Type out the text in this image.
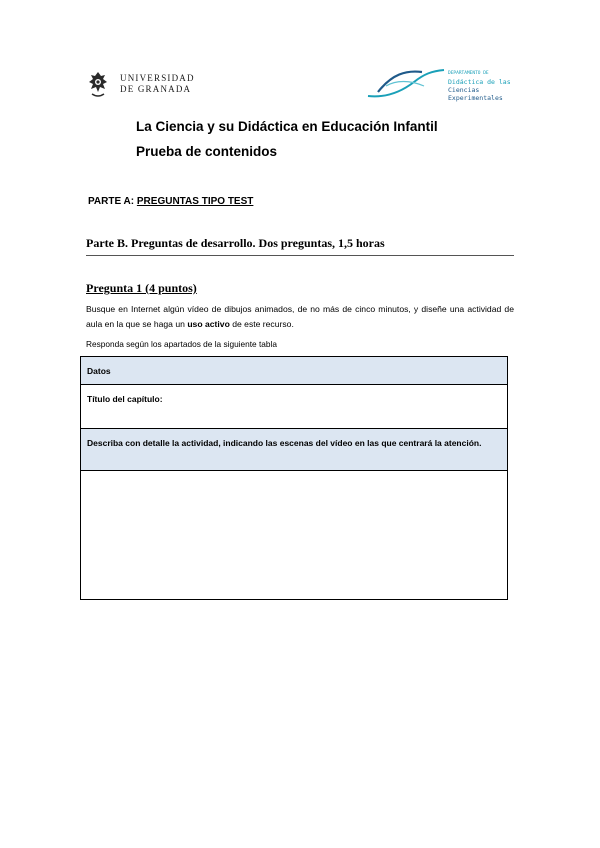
UNIVERSIDAD
DE GRANADA
DEPARTAMENTO DE
Didáctica de las
Ciencias
Experimentales
La Ciencia y su Didáctica en Educación Infantil
Prueba de contenidos
PARTE A: PREGUNTAS TIPO TEST
Parte B. Preguntas de desarrollo. Dos preguntas, 1,5 horas
Pregunta 1 (4 puntos)
Busque en Internet algún vídeo de dibujos animados, de no más de cinco minutos, y diseñe una actividad de aula en la que se haga un uso activo de este recurso.
Responda según los apartados de la siguiente tabla
Datos
Título del capítulo:
Describa con detalle la actividad, indicando las escenas del vídeo en las que centrará la atención.
